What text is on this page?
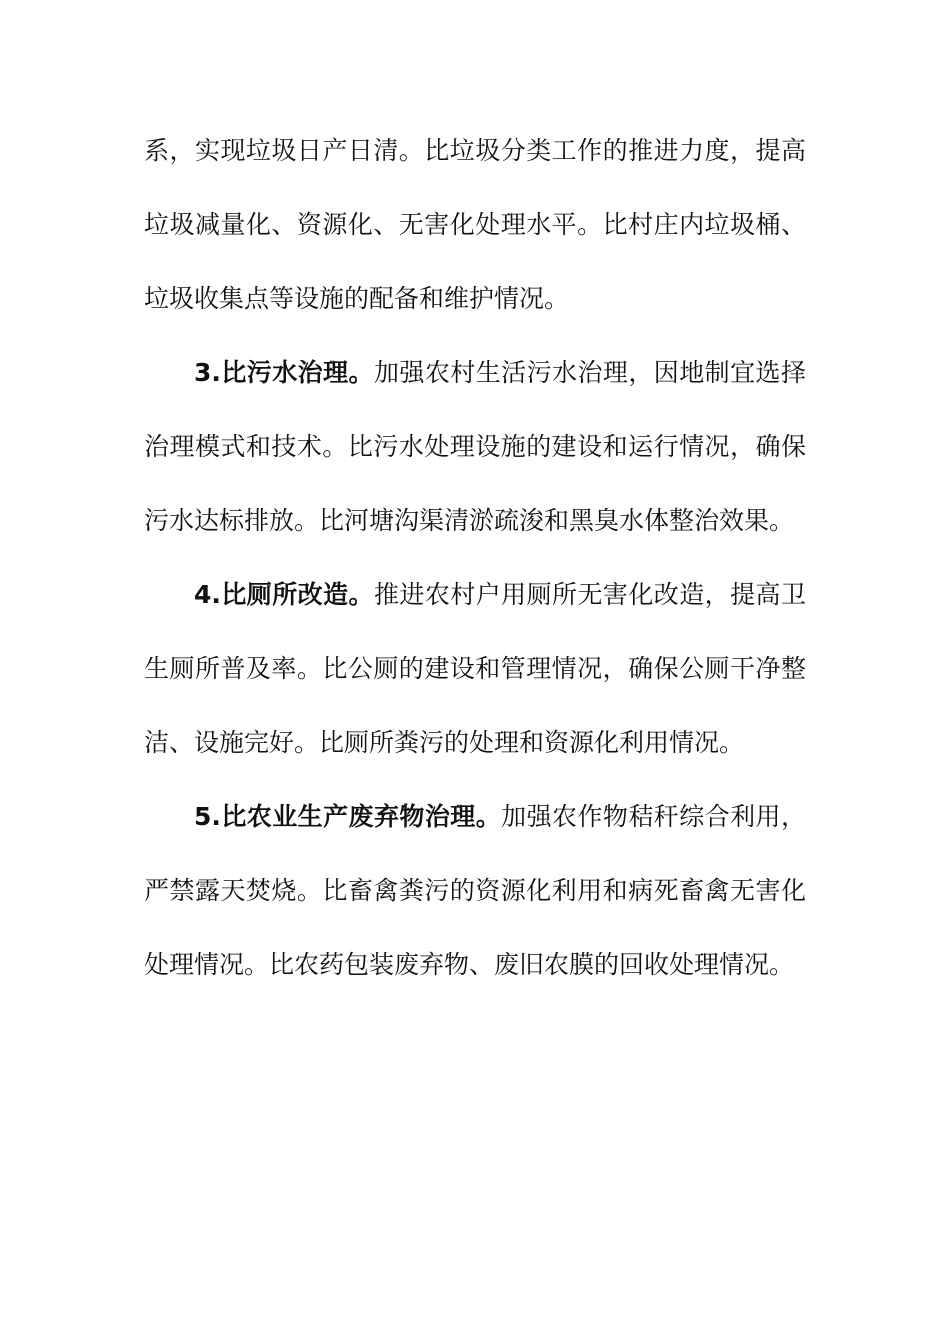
系，实现垃圾日产日清。比垃圾分类工作的推进力度，提高垃圾减量化、资源化、无害化处理水平。比村庄内垃圾桶、垃圾收集点等设施的配备和维护情况。

3.比污水治理。加强农村生活污水治理，因地制宜选择治理模式和技术。比污水处理设施的建设和运行情况，确保污水达标排放。比河塘沟渠清淤疏浚和黑臭水体整治效果。

4.比厕所改造。推进农村户用厕所无害化改造，提高卫生厕所普及率。比公厕的建设和管理情况，确保公厕干净整洁、设施完好。比厕所粪污的处理和资源化利用情况。

5.比农业生产废弃物治理。加强农作物秸秆综合利用，严禁露天焚烧。比畜禽粪污的资源化利用和病死畜禽无害化处理情况。比农药包装废弃物、废旧农膜的回收处理情况。
